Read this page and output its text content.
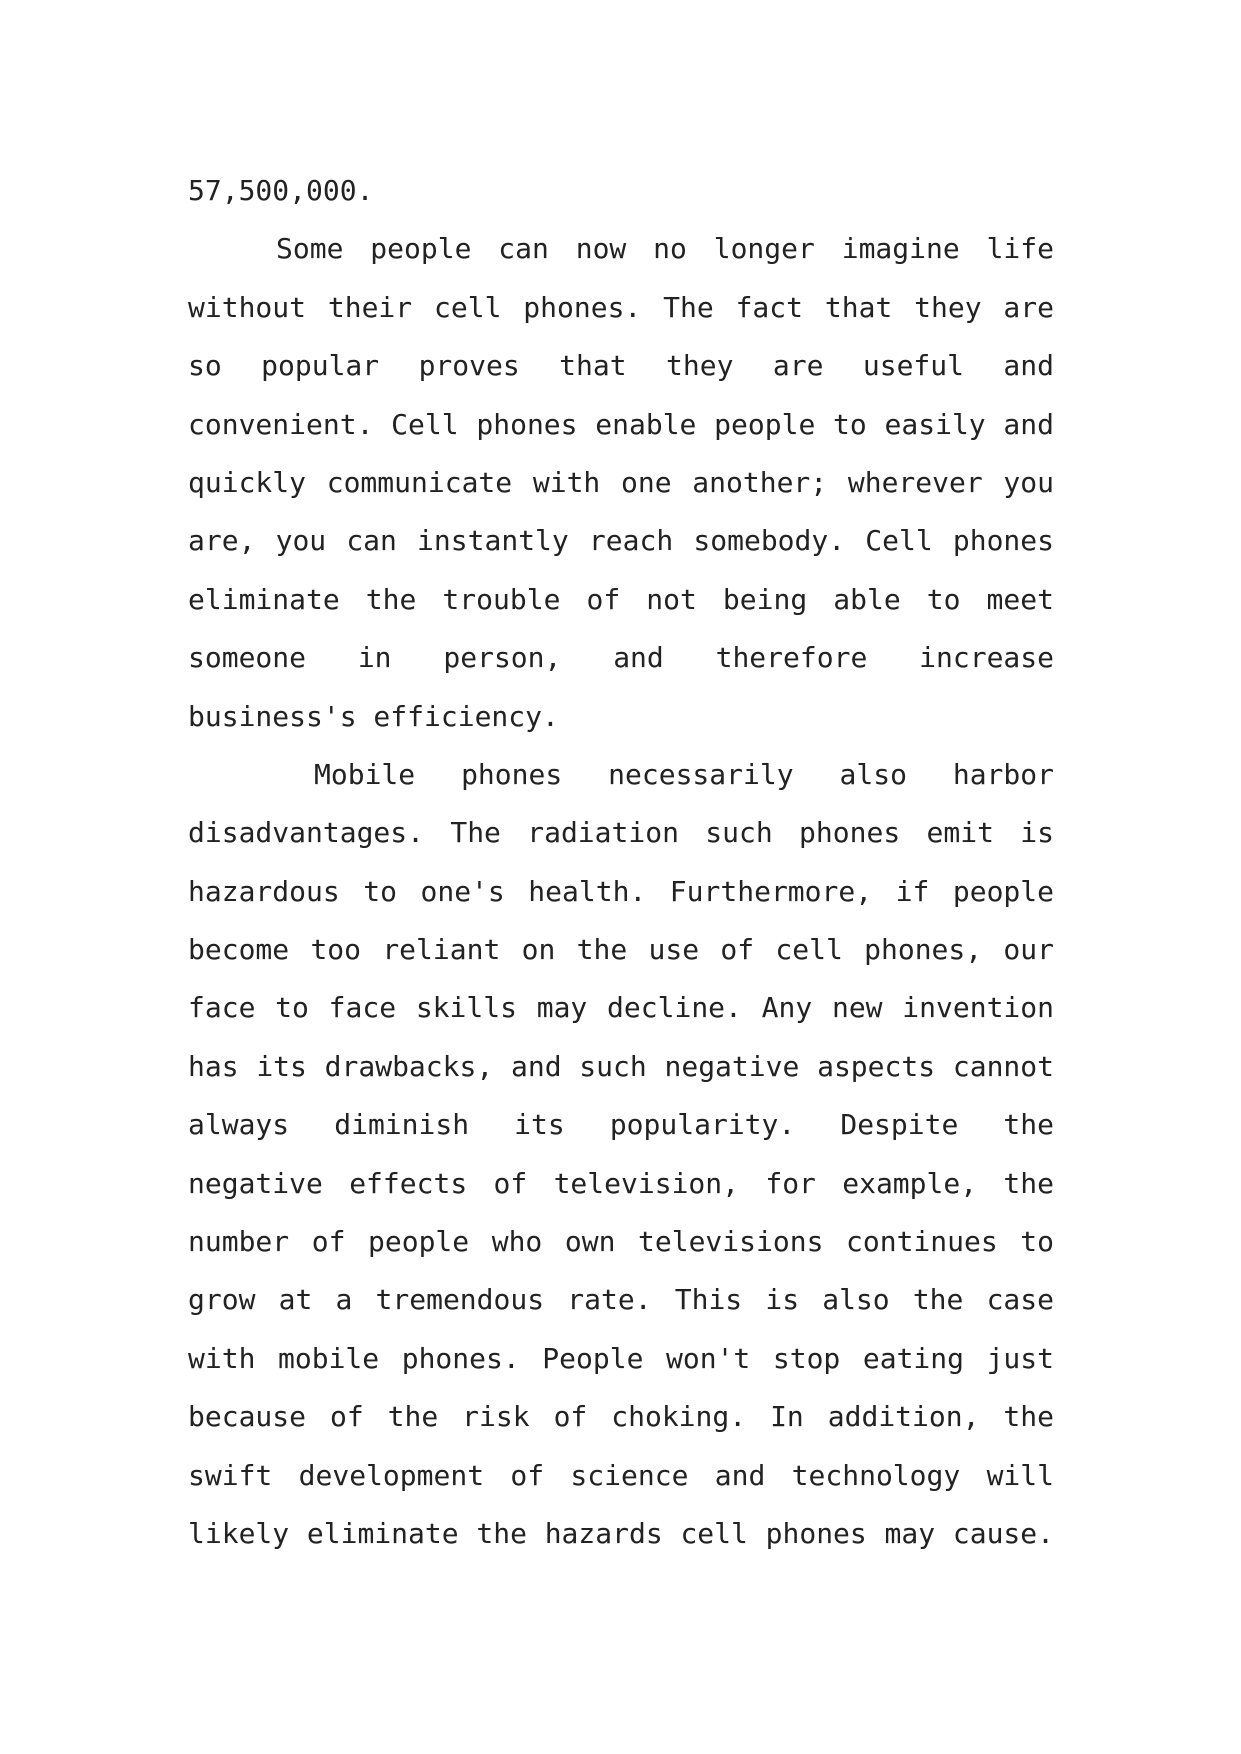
57,500,000.
Some people can now no longer imagine life
without their cell phones. The fact that they are
so popular proves that they are useful and
convenient. Cell phones enable people to easily and
quickly communicate with one another; wherever you
are, you can instantly reach somebody. Cell phones
eliminate the trouble of not being able to meet
someone in person, and therefore increase
business's efficiency.
Mobile phones necessarily also harbor
disadvantages. The radiation such phones emit is
hazardous to one's health. Furthermore, if people
become too reliant on the use of cell phones, our
face to face skills may decline. Any new invention
has its drawbacks, and such negative aspects cannot
always diminish its popularity. Despite the
negative effects of television, for example, the
number of people who own televisions continues to
grow at a tremendous rate. This is also the case
with mobile phones. People won't stop eating just
because of the risk of choking. In addition, the
swift development of science and technology will
likely eliminate the hazards cell phones may cause.
